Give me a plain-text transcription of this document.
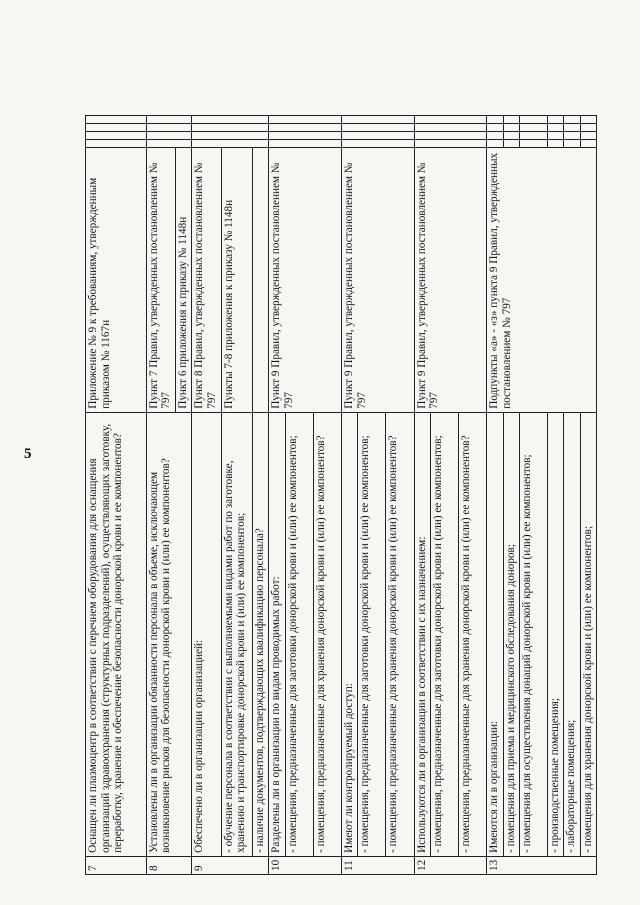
5
7	Оснащен ли плазмоцентр в соответствии с перечнем оборудования для оснащения организаций здравоохранения (структурных подразделений), осуществляющих заготовку, переработку, хранение и обеспечение безопасности донорской крови и ее компонентов?	Приложение № 9 к требованиям, утвержденным приказом № 1167н				
8	Установлены ли в организации обязанности персонала в объеме, исключающем возникновение рисков для безопасности донорской крови и (или) ее компонентов?	Пункт 7 Правил, утвержденных постановлением № 797				
		Пункт 6 приложения к приказу № 1148н				
9	Обеспечено ли в организации организацией:	Пункт 8 Правил, утвержденных постановлением № 797				
	- обучение персонала в соответствии с выполняемыми видами работ по заготовке, хранению и транспортировке донорской крови и (или) ее компонентов;	Пункты 7-8 приложения к приказу № 1148н				
	- наличие документов, подтверждающих квалификацию персонала?					
10	Разделены ли в организации по видам проводимых работ:	Пункт 9 Правил, утвержденных постановлением № 797				
	- помещения, предназначенные для заготовки донорской крови и (или) ее компонентов;					
	- помещения, предназначенные для хранения донорской крови и (или) ее компонентов?					
11	Имеют ли контролируемый доступ:	Пункт 9 Правил, утвержденных постановлением № 797				
	- помещения, предназначенные для заготовки донорской крови и (или) ее компонентов;					
	- помещения, предназначенные для хранения донорской крови и (или) ее компонентов?					
12	Используются ли в организации в соответствии с их назначением:	Пункт 9 Правил, утвержденных постановлением № 797				
	- помещения, предназначенные для заготовки донорской крови и (или) ее компонентов;					
	- помещения, предназначенные для хранения донорской крови и (или) ее компонентов?					
13	Имеются ли в организации:	Подпункты «а» - «з» пункта 9 Правил, утвержденных постановлением № 797				
	- помещения для приема и медицинского обследования доноров;					
	- помещения для осуществления донаций донорской крови и (или) ее компонентов;					
	- производственные помещения;					
	- лабораторные помещения;					
	- помещения для хранения донорской крови и (или) ее компонентов;					
